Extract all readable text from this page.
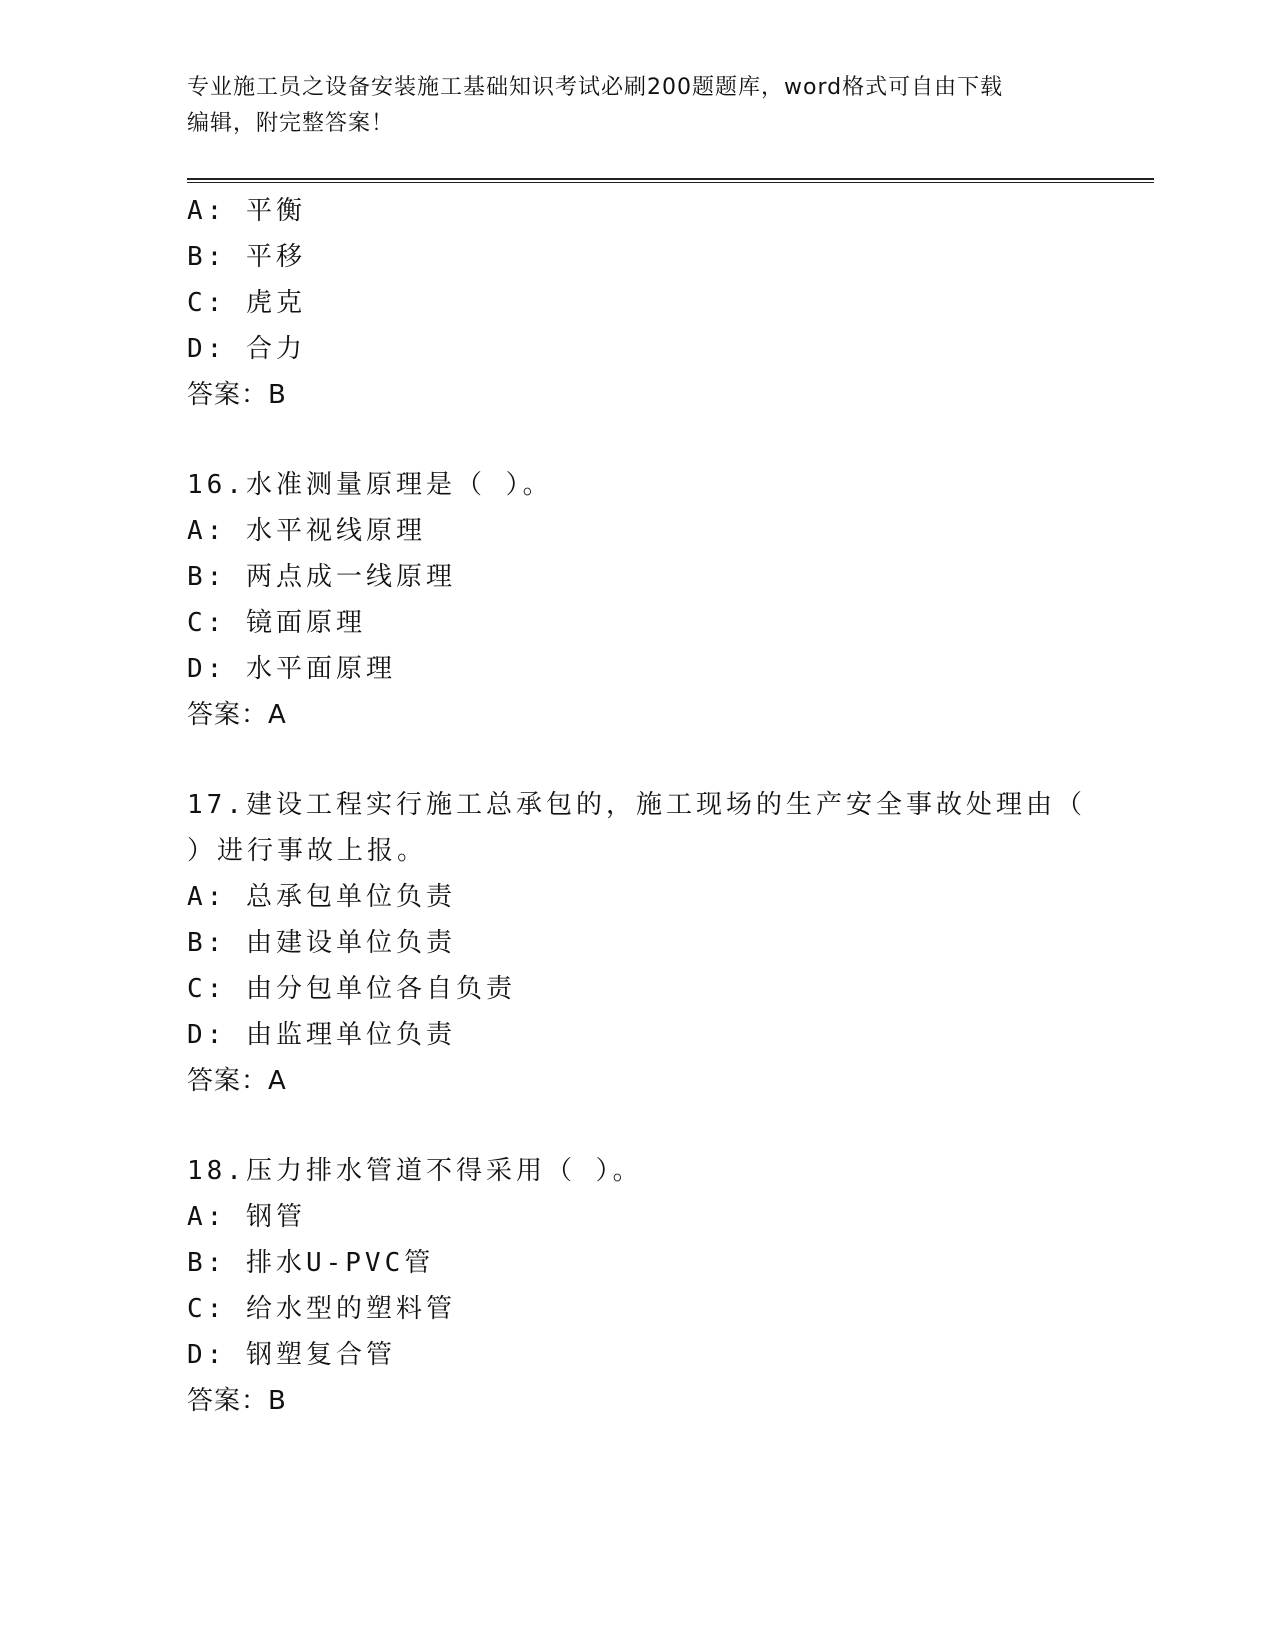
专业施工员之设备安装施工基础知识考试必刷200题题库，word格式可自由下载
编辑，附完整答案！
A: 平衡
B: 平移
C: 虎克
D: 合力
答案：B
16.水准测量原理是（ ）。
A: 水平视线原理
B: 两点成一线原理
C: 镜面原理
D: 水平面原理
答案：A
17.建设工程实行施工总承包的，施工现场的生产安全事故处理由（
）进行事故上报。
A: 总承包单位负责
B: 由建设单位负责
C: 由分包单位各自负责
D: 由监理单位负责
答案：A
18.压力排水管道不得采用（ ）。
A: 钢管
B: 排水U-PVC管
C: 给水型的塑料管
D: 钢塑复合管
答案：B
